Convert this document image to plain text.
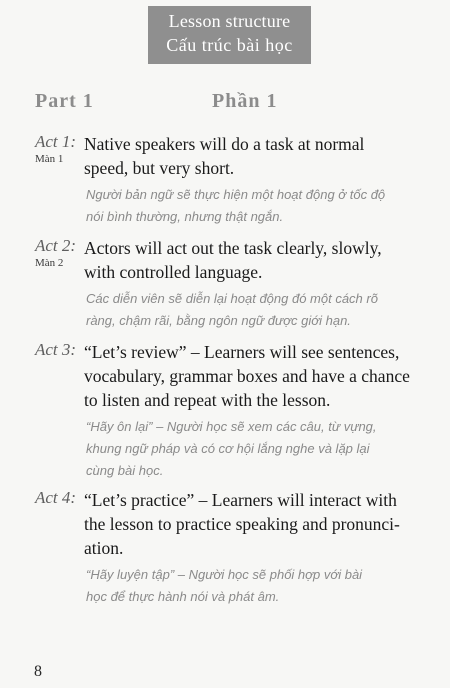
Lesson structure
Cấu trúc bài học
Part 1	Phần 1
Act 1:
Màn 1
Native speakers will do a task at normal
speed, but very short.
Người bản ngữ sẽ thực hiện một hoạt động ở tốc độ
nói bình thường, nhưng thật ngắn.
Act 2:
Màn 2
Actors will act out the task clearly, slowly,
with controlled language.
Các diễn viên sẽ diễn lại hoạt động đó một cách rõ
ràng, chậm rãi, bằng ngôn ngữ được giới hạn.
Act 3: “Let’s review” – Learners will see sentences,
vocabulary, grammar boxes and have a chance
to listen and repeat with the lesson.
“Hãy ôn lại” – Người học sẽ xem các câu, từ vựng,
khung ngữ pháp và có cơ hội lắng nghe và lặp lại
cùng bài học.
Act 4: “Let’s practice” – Learners will interact with
the lesson to practice speaking and pronunci-
ation.
“Hãy luyện tập” – Người học sẽ phối hợp với bài
học để thực hành nói và phát âm.
8
